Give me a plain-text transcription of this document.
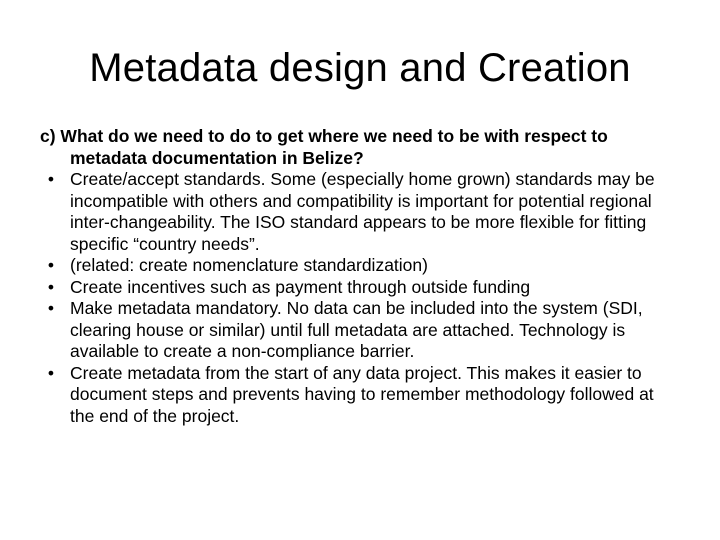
Metadata design and Creation

c) What do we need to do to get where we need to be with respect to metadata documentation in Belize?

• Create/accept standards. Some (especially home grown) standards may be incompatible with others and compatibility is important for potential regional inter-changeability. The ISO standard appears to be more flexible for fitting specific “country needs”.
• (related: create nomenclature standardization)
• Create incentives such as payment through outside funding
• Make metadata mandatory. No data can be included into the system (SDI, clearing house or similar) until full metadata are attached. Technology is available to create a non-compliance barrier.
• Create metadata from the start of any data project. This makes it easier to document steps and prevents having to remember methodology followed at the end of the project.
